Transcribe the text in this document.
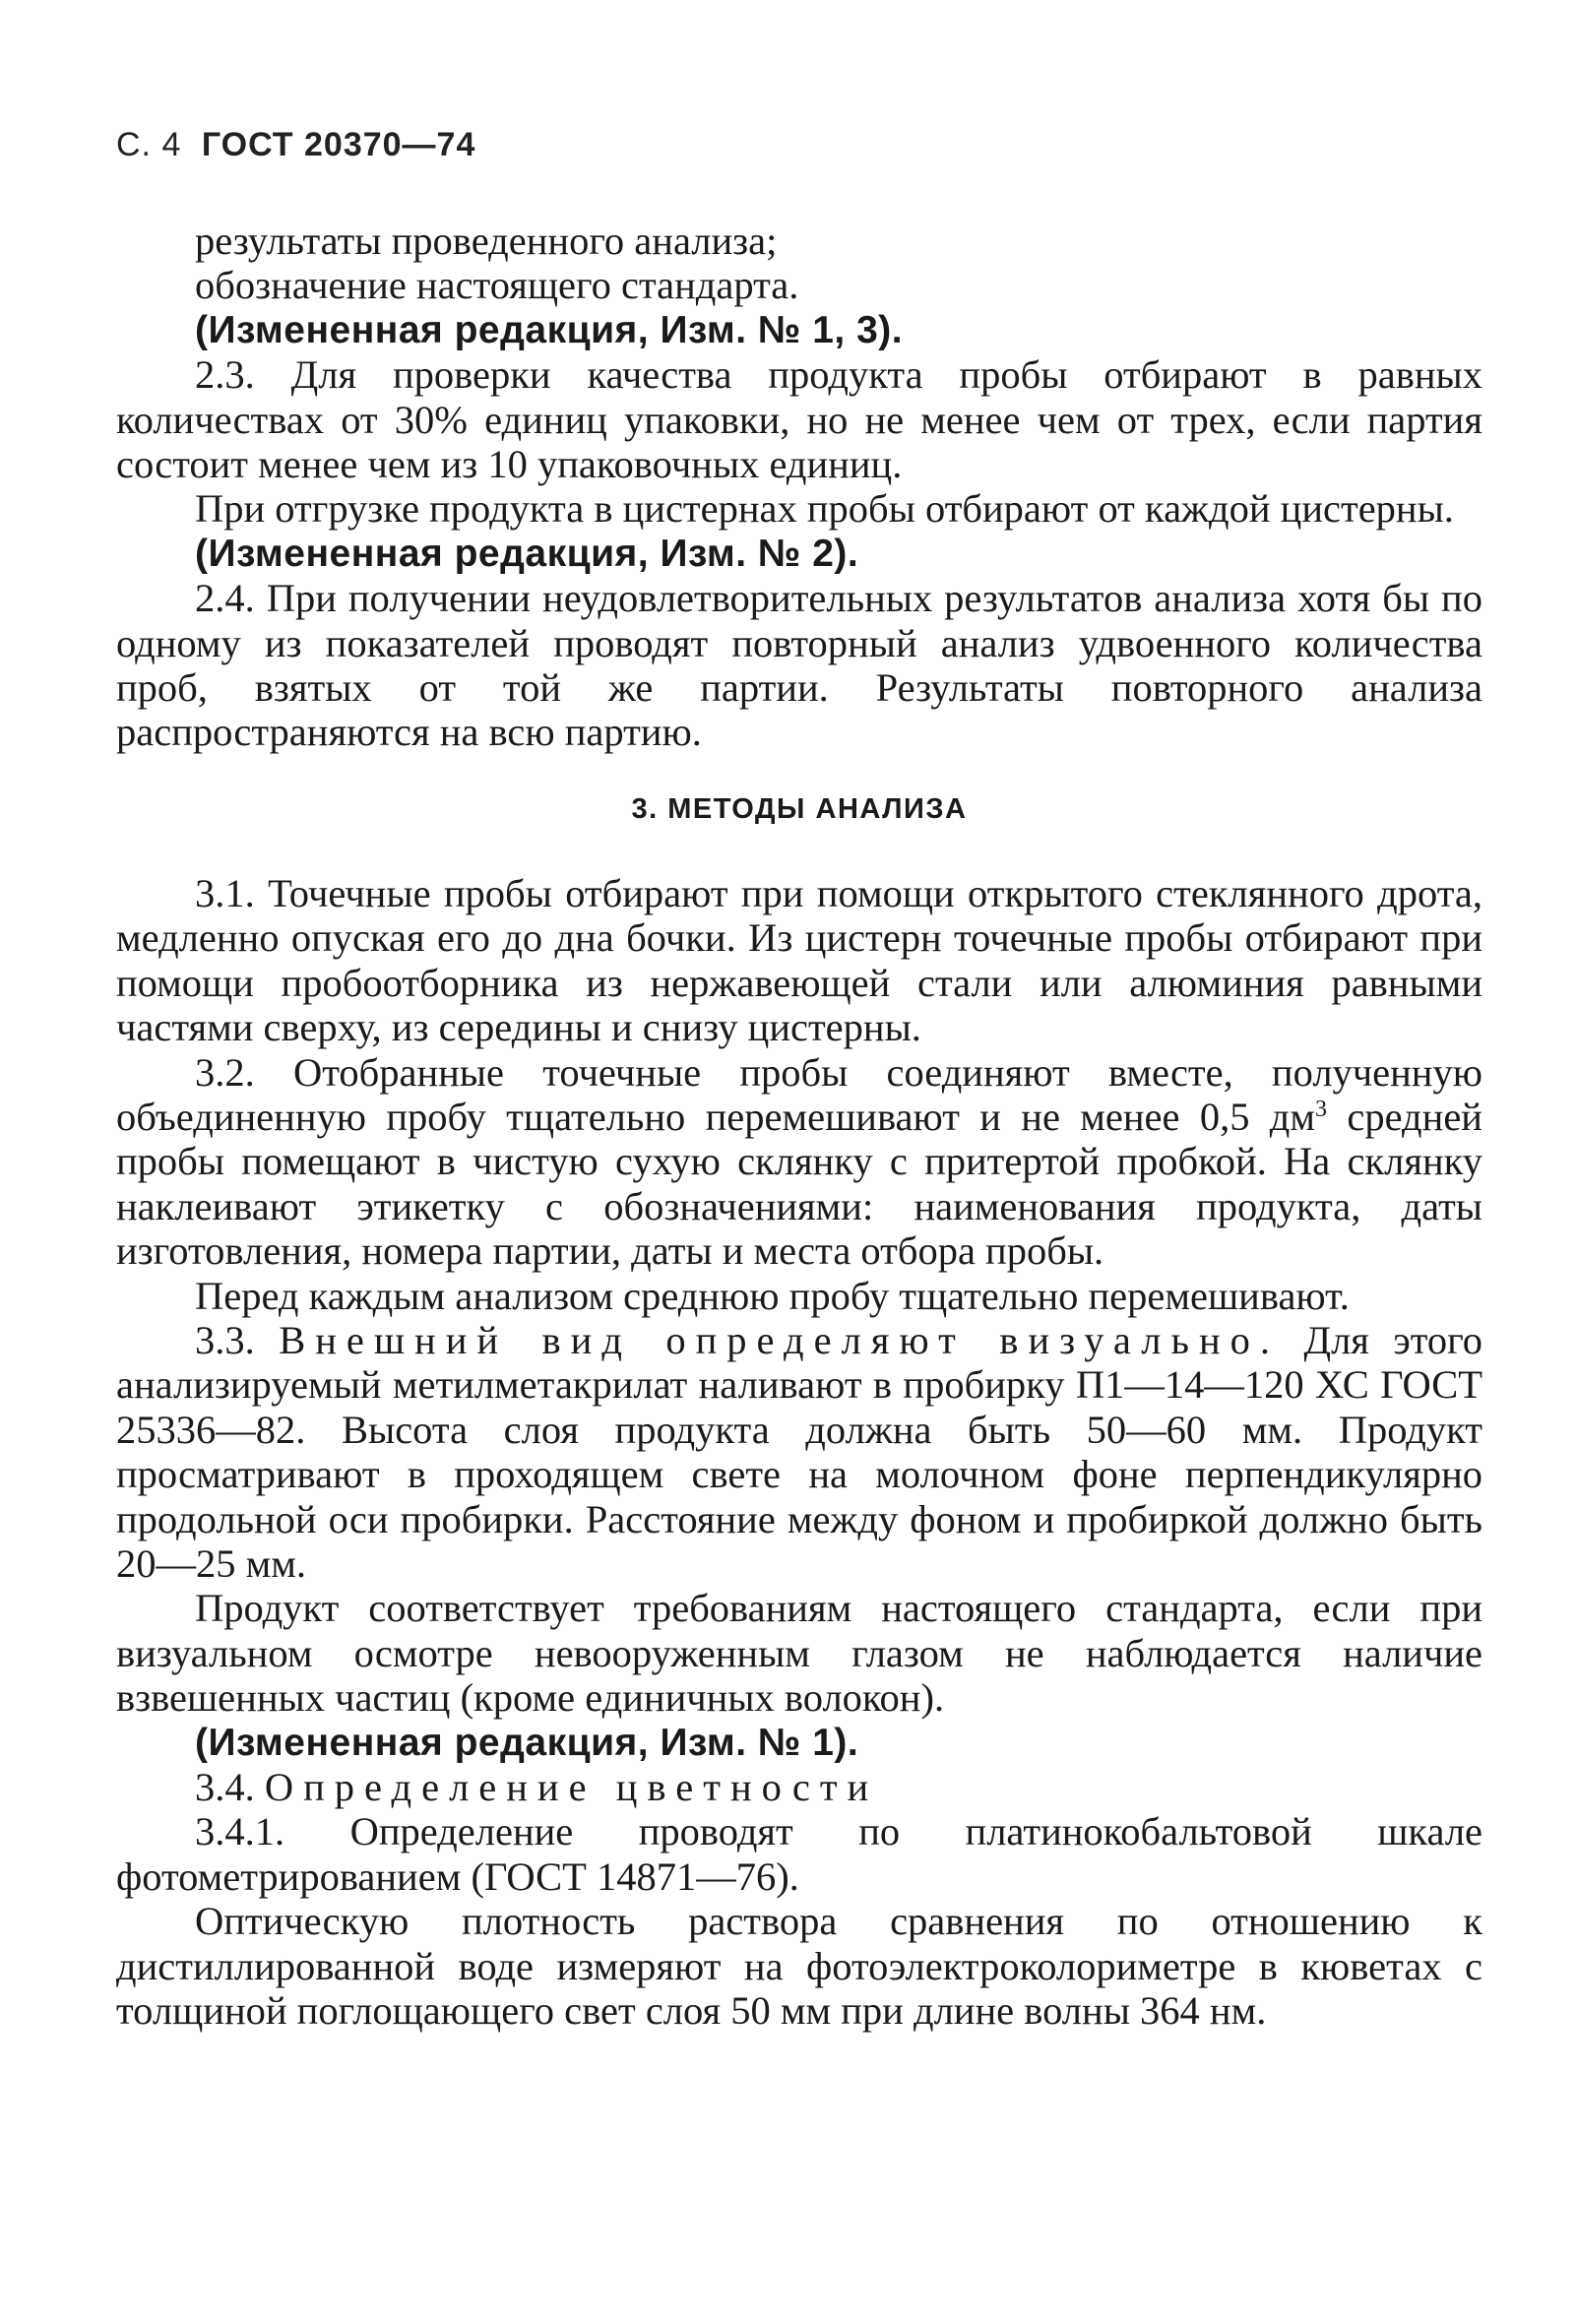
С. 4 ГОСТ 20370—74

результаты проведенного анализа;

обозначение настоящего стандарта.

(Измененная редакция, Изм. № 1, 3).

2.3. Для проверки качества продукта пробы отбирают в равных количествах от 30% единиц упаковки, но не менее чем от трех, если партия состоит менее чем из 10 упаковочных единиц.

При отгрузке продукта в цистернах пробы отбирают от каждой цистерны.

(Измененная редакция, Изм. № 2).

2.4. При получении неудовлетворительных результатов анализа хотя бы по одному из показателей проводят повторный анализ удвоенного количества проб, взятых от той же партии. Результаты повторного анализа распространяются на всю партию.

3. МЕТОДЫ АНАЛИЗА

3.1. Точечные пробы отбирают при помощи открытого стеклянного дрота, медленно опуская его до дна бочки. Из цистерн точечные пробы отбирают при помощи пробоотборника из нержавеющей стали или алюминия равными частями сверху, из середины и снизу цистерны.

3.2. Отобранные точечные пробы соединяют вместе, полученную объединенную пробу тщательно перемешивают и не менее 0,5 $дм^3$ средней пробы помещают в чистую сухую склянку с притертой пробкой. На склянку наклеивают этикетку с обозначениями: наименования продукта, даты изготовления, номера партии, даты и места отбора пробы.

Перед каждым анализом среднюю пробу тщательно перемешивают.

3.3. Внешний вид определяют визуально. Для этого анализируемый метилметакрилат наливают в пробирку П1—14—120 ХС ГОСТ 25336—82. Высота слоя продукта должна быть 50—60 мм. Продукт просматривают в проходящем свете на молочном фоне перпендикулярно продольной оси пробирки. Расстояние между фоном и пробиркой должно быть 20—25 мм.

Продукт соответствует требованиям настоящего стандарта, если при визуальном осмотре невооруженным глазом не наблюдается наличие взвешенных частиц (кроме единичных волокон).

(Измененная редакция, Изм. № 1).

3.4. Определение цветности

3.4.1. Определение проводят по платинокобальтовой шкале фотометрированием (ГОСТ 14871—76).

Оптическую плотность раствора сравнения по отношению к дистиллированной воде измеряют на фотоэлектроколориметре в кюветах с толщиной поглощающего свет слоя 50 мм при длине волны 364 нм.
